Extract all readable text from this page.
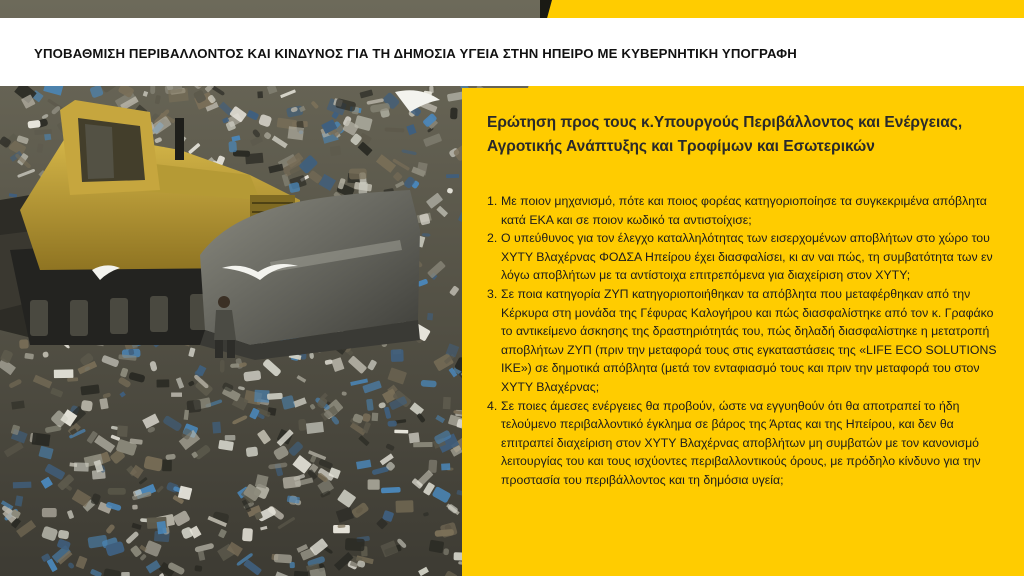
ΥΠΟΒΑΘΜΙΣΗ ΠΕΡΙΒΑΛΛΟΝΤΟΣ ΚΑΙ ΚΙΝΔΥΝΟΣ ΓΙΑ ΤΗ ΔΗΜΟΣΙΑ ΥΓΕΙΑ ΣΤΗΝ ΗΠΕΙΡΟ ΜΕ ΚΥΒΕΡΝΗΤΙΚΗ ΥΠΟΓΡΑΦΗ
Ερώτηση προς τους κ.Υπουργούς Περιβάλλοντος και Ενέργειας, Αγροτικής Ανάπτυξης και Τροφίμων και Εσωτερικών
1. Με ποιον μηχανισμό, πότε και ποιος φορέας κατηγοριοποίησε τα συγκεκριμένα απόβλητα κατά ΕΚΑ και σε ποιον κωδικό τα αντιστοίχισε;
2. Ο υπεύθυνος για τον έλεγχο καταλληλότητας των εισερχομένων αποβλήτων στο χώρο του ΧΥΤΥ Βλαχέρνας ΦΟΔΣΑ Ηπείρου έχει διασφαλίσει, κι αν ναι πώς, τη συμβατότητα των εν λόγω αποβλήτων με τα αντίστοιχα επιτρεπόμενα για διαχείριση στον ΧΥΤΥ;
3. Σε ποια κατηγορία ΖΥΠ κατηγοριοποιήθηκαν τα απόβλητα που μεταφέρθηκαν από την Κέρκυρα στη μονάδα της Γέφυρας Καλογήρου και πώς διασφαλίστηκε από τον κ. Γραφάκο το αντικείμενο άσκησης της δραστηριότητάς του, πώς δηλαδή διασφαλίστηκε η μετατροπή αποβλήτων ΖΥΠ (πριν την μεταφορά τους στις εγκαταστάσεις της «LIFE ECO SOLUTIONS IKE») σε δημοτικά απόβλητα (μετά τον ενταφιασμό τους και πριν την μεταφορά του στον ΧΥΤΥ Βλαχέρνας;
4. Σε ποιες άμεσες ενέργειες θα προβούν, ώστε να εγγυηθούν ότι θα αποτραπεί το ήδη τελούμενο περιβαλλοντικό έγκλημα σε βάρος της Άρτας και της Ηπείρου, και δεν θα επιτραπεί διαχείριση στον ΧΥΤΥ Βλαχέρνας αποβλήτων μη συμβατών με τον κανονισμό λειτουργίας του και τους ισχύοντες περιβαλλοντικούς όρους, με πρόδηλο κίνδυνο για την προστασία του περιβάλλοντος και τη δημόσια υγεία;
